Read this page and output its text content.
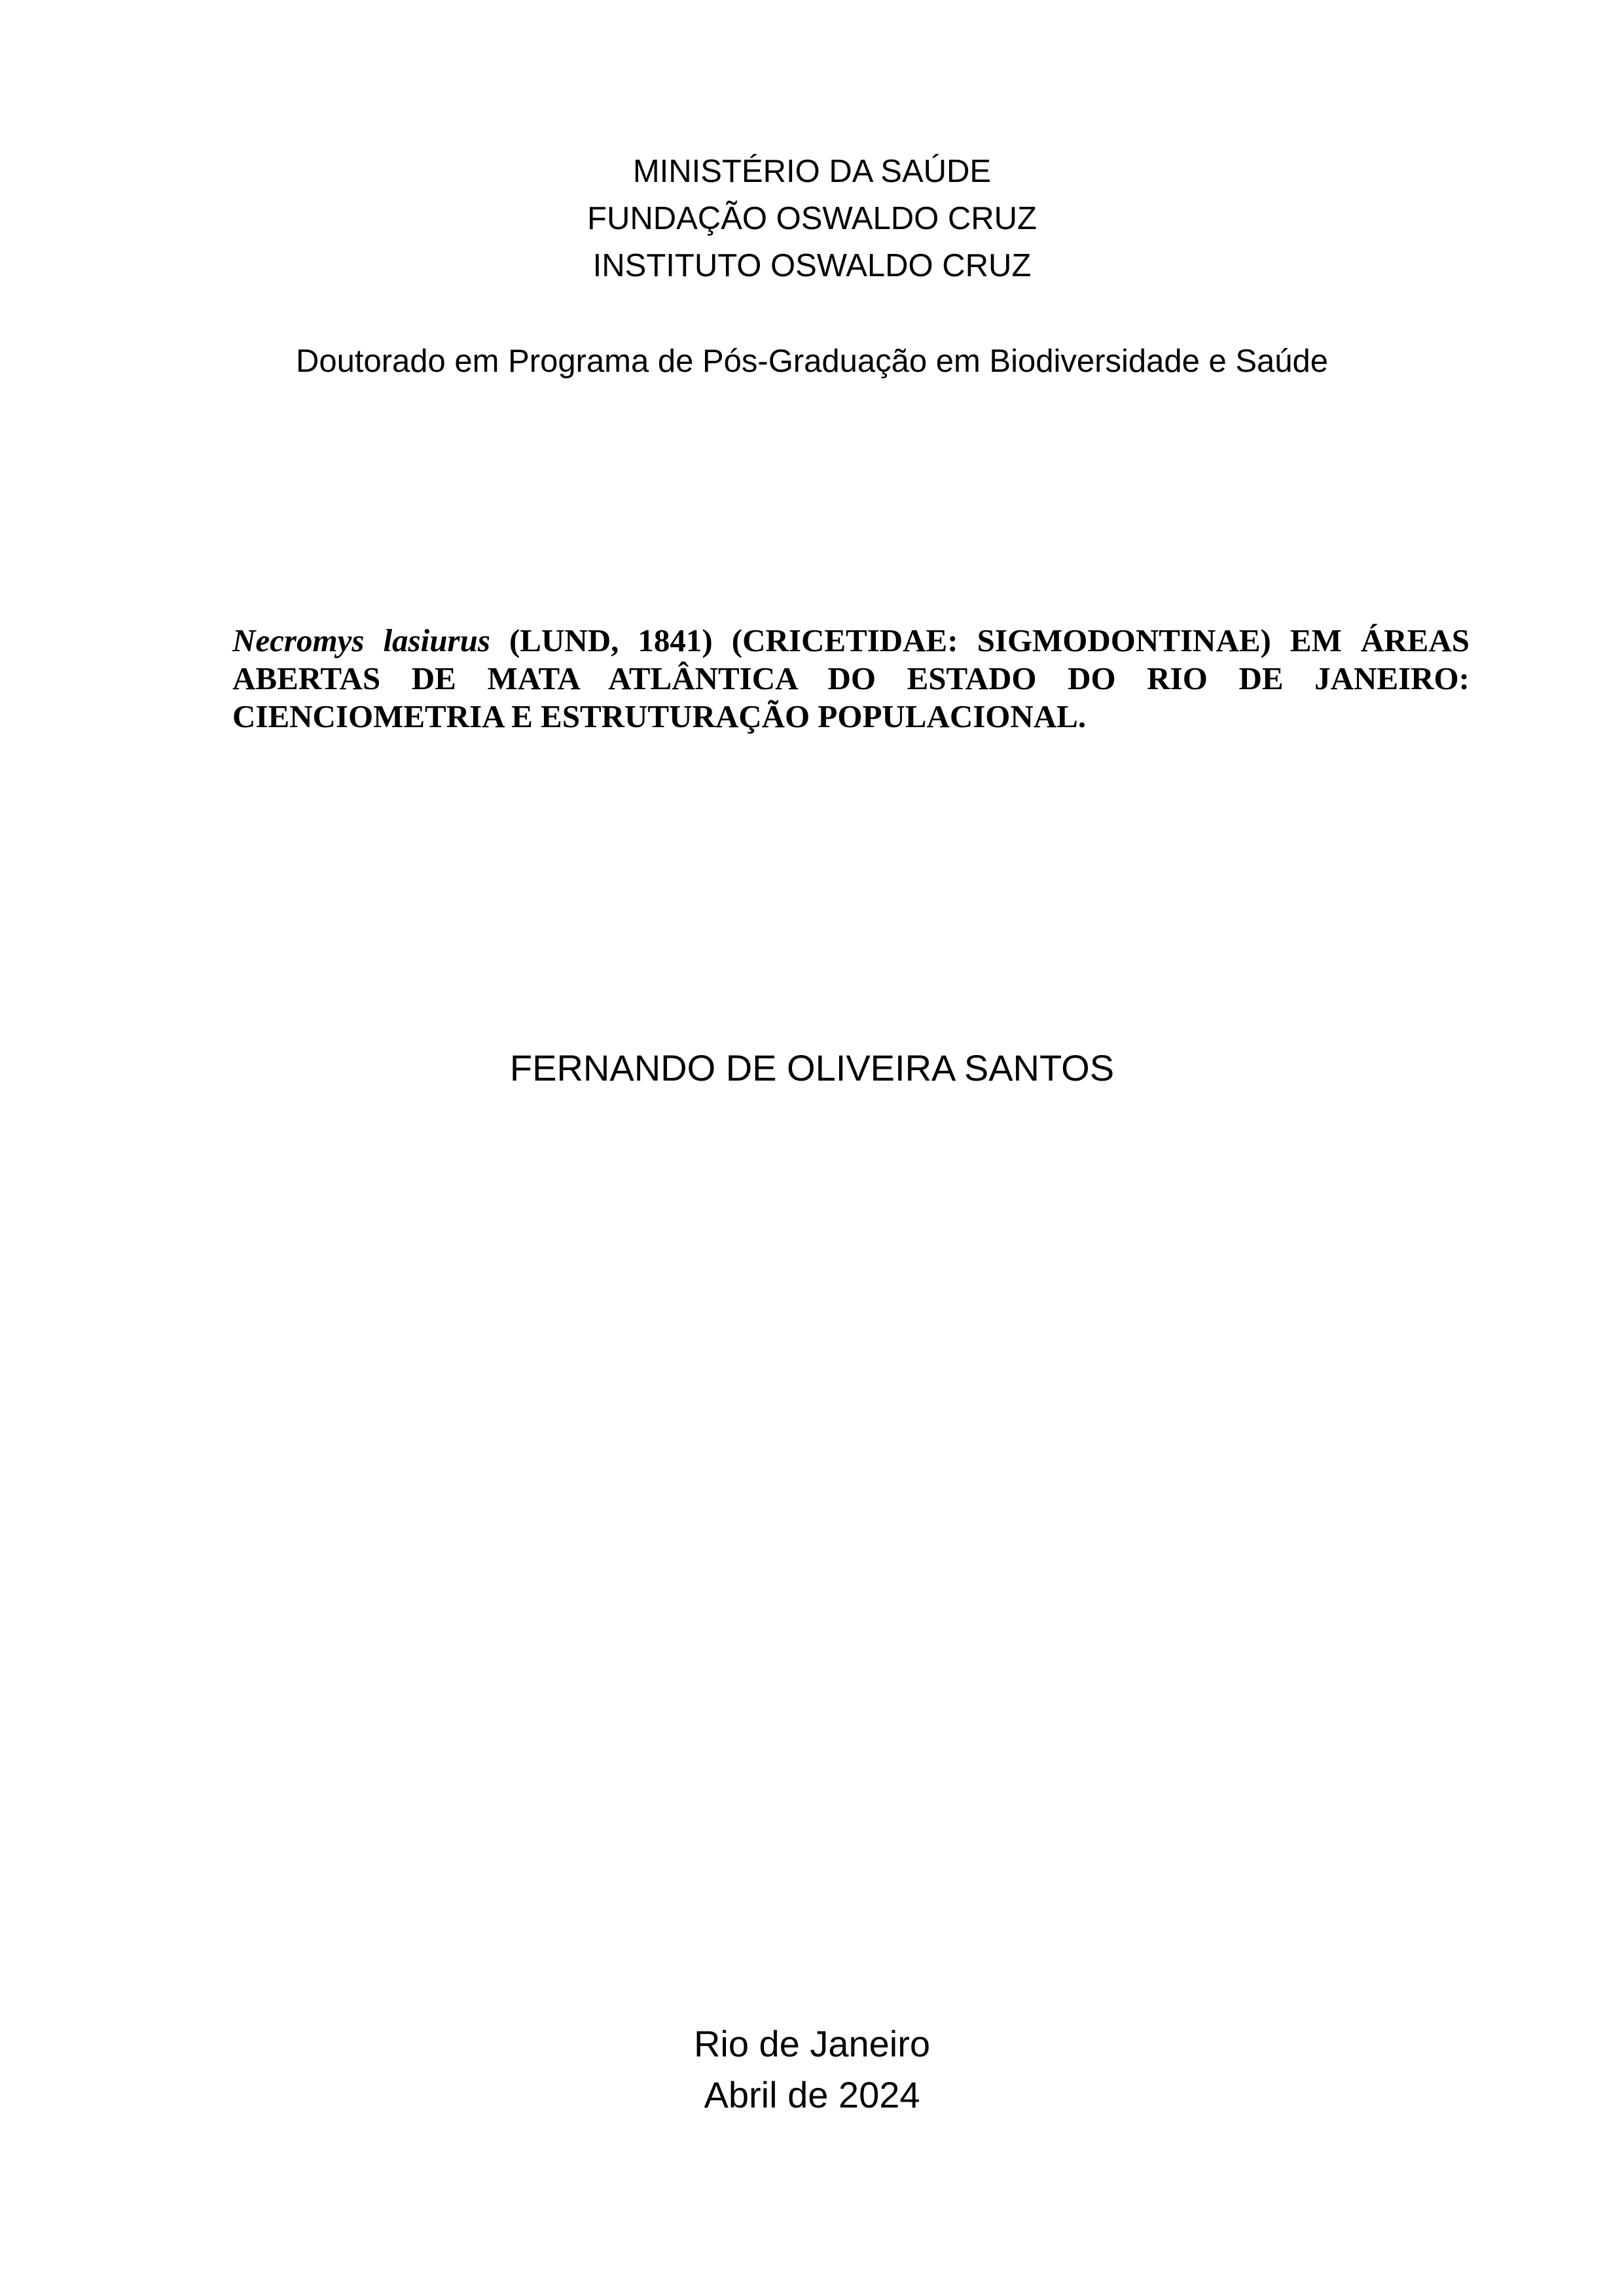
MINISTÉRIO DA SAÚDE
FUNDAÇÃO OSWALDO CRUZ
INSTITUTO OSWALDO CRUZ
Doutorado em Programa de Pós-Graduação em Biodiversidade e Saúde
Necromys lasiurus (LUND, 1841) (CRICETIDAE: SIGMODONTINAE) EM ÁREAS
ABERTAS DE MATA ATLÂNTICA DO ESTADO DO RIO DE JANEIRO:
CIENCIOMETRIA E ESTRUTURAÇÃO POPULACIONAL.
FERNANDO DE OLIVEIRA SANTOS
Rio de Janeiro
Abril de 2024
